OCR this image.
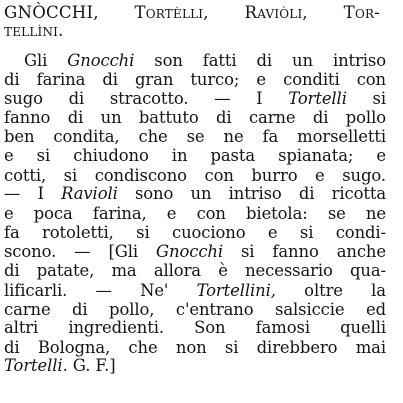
GNÒCCHI, Tortèlli, Raviòli, Tor-
tellìni.
Gli Gnocchi son fatti di un intriso
di farina di gran turco; e conditi con
sugo di stracotto. — I Tortelli si
fanno di un battuto di carne di pollo
ben condita, che se ne fa morselletti
e si chiudono in pasta spianata; e
cotti, si condiscono con burro e sugo.
— I Ravioli sono un intriso di ricotta
e poca farina, e con bietola: se ne
fa rotoletti, si cuociono e si condi-
scono. — [Gli Gnocchi si fanno anche
di patate, ma allora è necessario qua-
lificarli. — Ne' Tortellini, oltre la
carne di pollo, c'entrano salsiccie ed
altri ingredienti. Son famosi quelli
di Bologna, che non si direbbero mai
Tortelli. G. F.]
